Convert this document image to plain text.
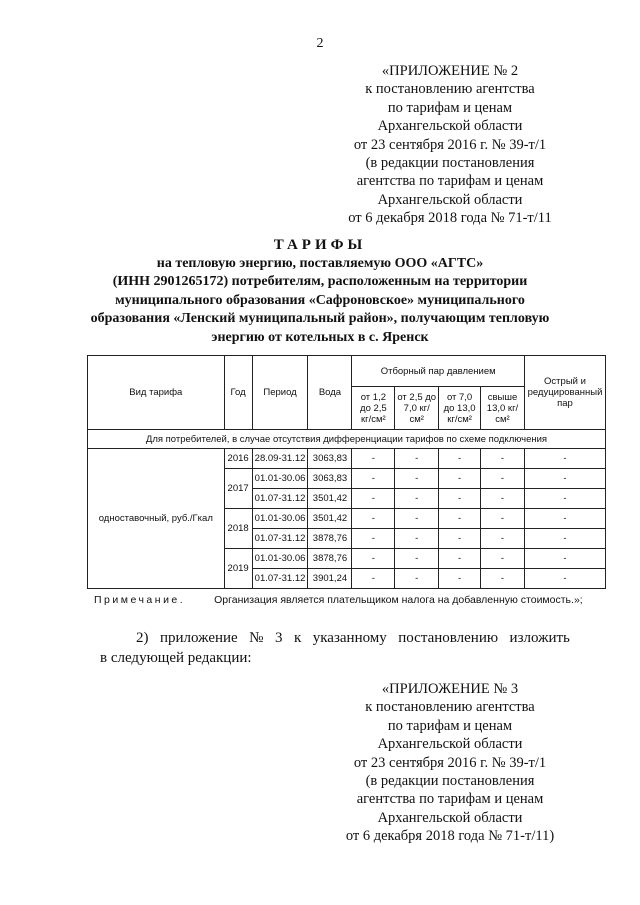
2
«ПРИЛОЖЕНИЕ № 2
к постановлению агентства
по тарифам и ценам
Архангельской области
от 23 сентября 2016 г. № 39-т/1
(в редакции постановления
агентства по тарифам и ценам
Архангельской области
от 6 декабря 2018 года № 71-т/11
ТАРИФЫ
на тепловую энергию, поставляемую ООО «АГТС»
(ИНН 2901265172) потребителям, расположенным на территории
муниципального образования «Сафроновское» муниципального
образования «Ленский муниципальный район», получающим тепловую
энергию от котельных в с. Яренск
Вид тарифа	Год	Период	Вода	Отборный пар давлением				Острый и редуцированный пар
				от 1,2 до 2,5 кг/см²	от 2,5 до 7,0 кг/см²	от 7,0 до 13,0 кг/см²	свыше 13,0 кг/см²	
Для потребителей, в случае отсутствия дифференциации тарифов по схеме подключения								
одноставочный, руб./Гкал	2016	28.09-31.12	3063,83	-	-	-	-	-
	2017	01.01-30.06	3063,83	-	-	-	-	-
		01.07-31.12	3501,42	-	-	-	-	-
	2018	01.01-30.06	3501,42	-	-	-	-	-
		01.07-31.12	3878,76	-	-	-	-	-
	2019	01.01-30.06	3878,76	-	-	-	-	-
		01.07-31.12	3901,24	-	-	-	-	-
Примечание.	Организация является плательщиком налога на добавленную стоимость.»;
2) приложение № 3 к указанному постановлению изложить
в следующей редакции:
«ПРИЛОЖЕНИЕ № 3
к постановлению агентства
по тарифам и ценам
Архангельской области
от 23 сентября 2016 г. № 39-т/1
(в редакции постановления
агентства по тарифам и ценам
Архангельской области
от 6 декабря 2018 года № 71-т/11)
